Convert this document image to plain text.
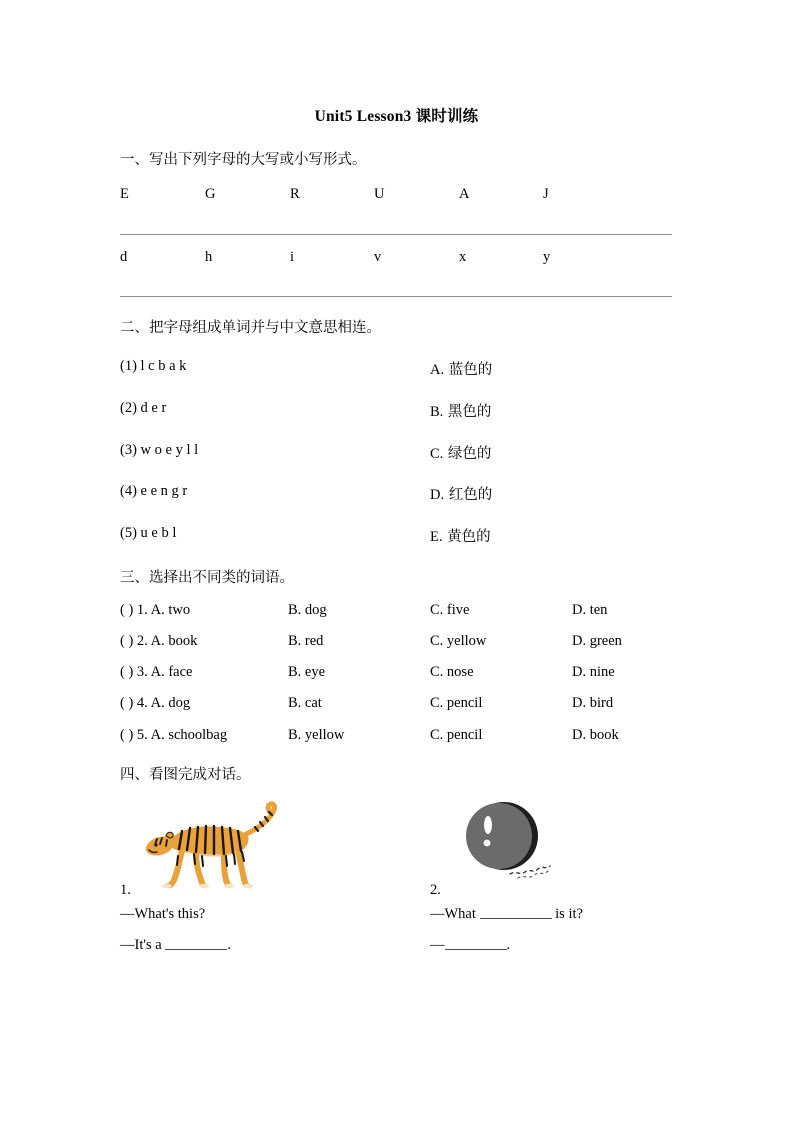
Unit5 Lesson3 课时训练
一、写出下列字母的大写或小写形式。
E	G	R	U	A	J
d	h	i	v	x	y
二、把字母组成单词并与中文意思相连。
(1) l c b a k
(2) d e r
(3) w o e y l l
(4) e e n g r
(5) u e b l
A. 蓝色的
B. 黑色的
C. 绿色的
D. 红色的
E. 黄色的
三、选择出不同类的词语。
( ) 1. A. two	B. dog	C. five	D. ten
( ) 2. A. book	B. red	C. yellow	D. green
( ) 3. A. face	B. eye	C. nose	D. nine
( ) 4. A. dog	B. cat	C. pencil	D. bird
( ) 5. A. schoolbag	B. yellow	C. pencil	D. book
四、看图完成对话。
1.
—What's this?
—It's a	.
2.
—What	is it?
—	.
